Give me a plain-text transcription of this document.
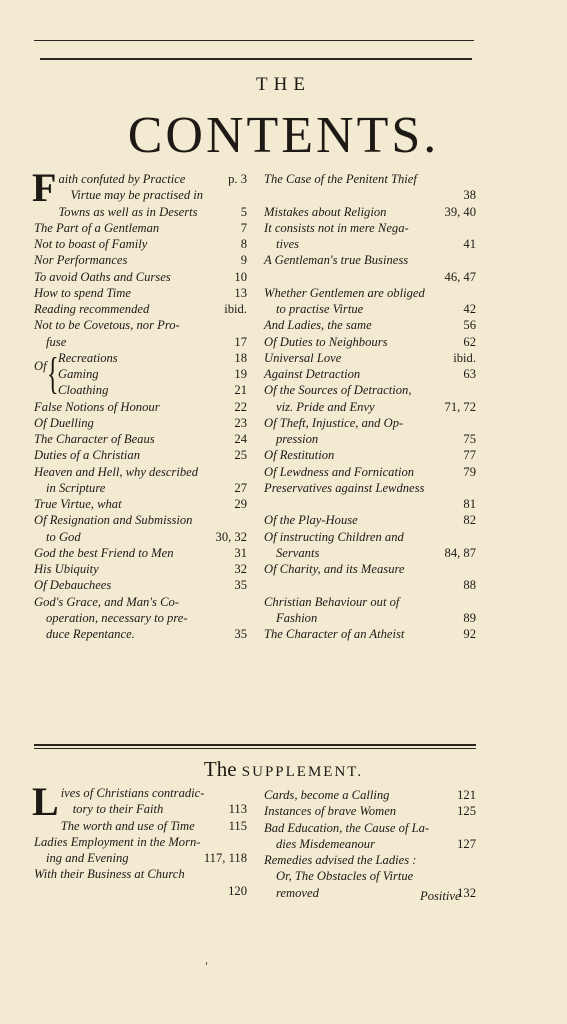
THE
CONTENTS.
F aith confuted by Practice	p. 3
Virtue may be practised in
Towns as well as in Deserts	5
The Part of a Gentleman	7
Not to boast of Family	8
Nor Performances	9
To avoid Oaths and Curses	10
How to spend Time	13
Reading recommended	ibid.
Not to be Covetous, nor Pro-
fuse	17
Of { Recreations	18
Gaming	19
Cloathing	21
False Notions of Honour	22
Of Duelling	23
The Character of Beaus	24
Duties of a Christian	25
Heaven and Hell, why described
in Scripture	27
True Virtue, what	29
Of Resignation and Submission
to God	30, 32
God the best Friend to Men	31
His Ubiquity	32
Of Debauchees	35
God's Grace, and Man's Co-
operation, necessary to pre-
duce Repentance.	35
The Case of the Penitent Thief
38
Mistakes about Religion	39, 40
It consists not in mere Nega-
tives	41
A Gentleman's true Business
46, 47
Whether Gentlemen are obliged
to practise Virtue	42
And Ladies, the same	56
Of Duties to Neighbours	62
Universal Love	ibid.
Against Detraction	63
Of the Sources of Detraction,
viz. Pride and Envy	71, 72
Of Theft, Injustice, and Op-
pression	75
Of Restitution	77
Of Lewdness and Fornication	79
Preservatives against Lewdness
81
Of the Play-House	82
Of instructing Children and
Servants	84, 87
Of Charity, and its Measure
88
Christian Behaviour out of
Fashion	89
The Character of an Atheist	92
The SUPPLEMENT.
L ives of Christians contradic-
tory to their Faith	113
The worth and use of Time	115
Ladies Employment in the Morn-
ing and Evening	117, 118
With their Business at Church
120
Cards, become a Calling	121
Instances of brave Women	125
Bad Education, the Cause of La-
dies Misdemeanour	127
Remedies advised the Ladies :
Or, The Obstacles of Virtue
removed	132
Positive
